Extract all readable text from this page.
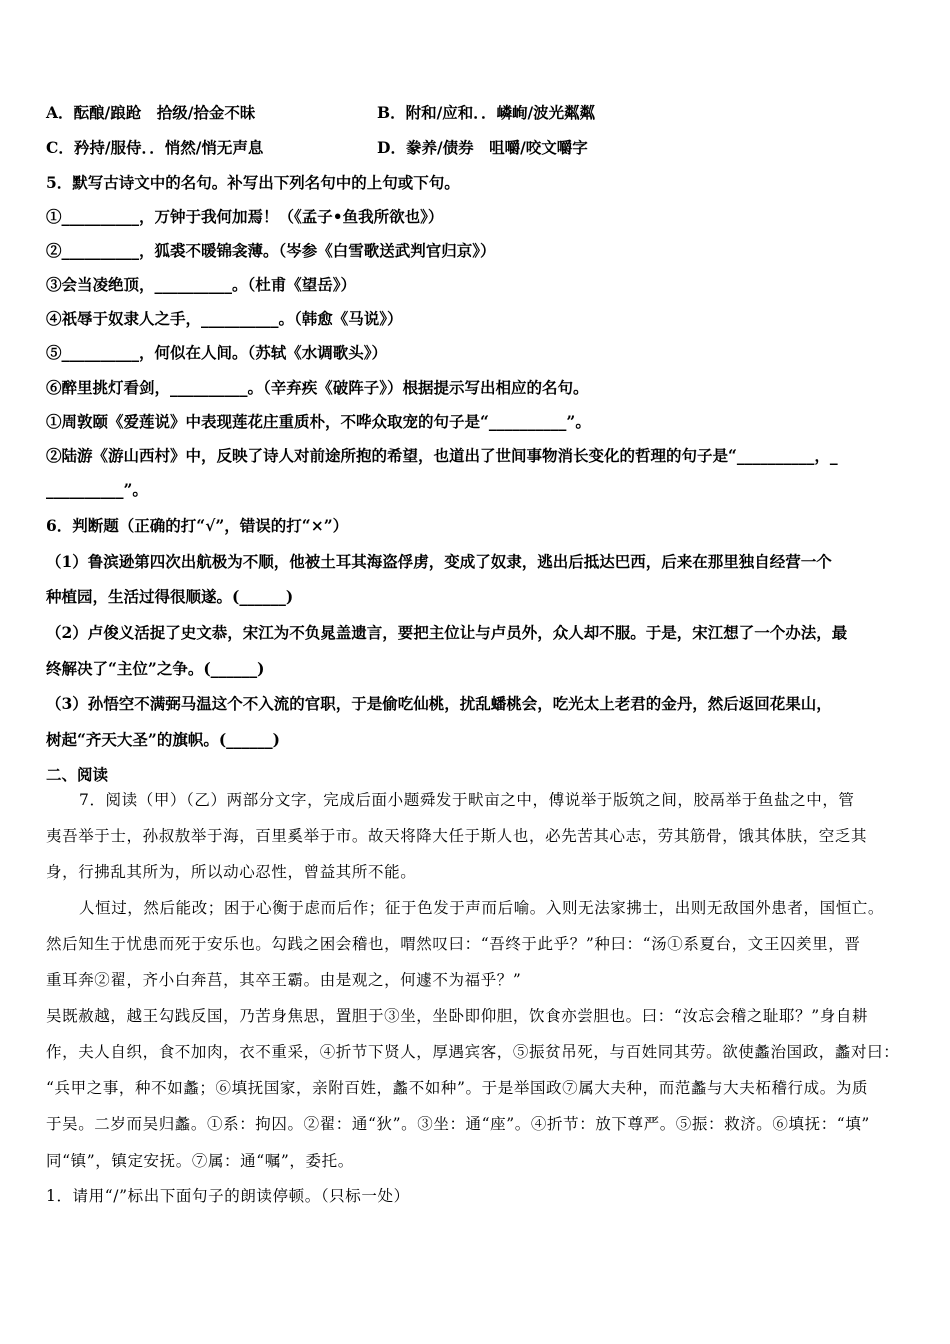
A．酝酿/踉跄　拾级/拾金不昧	B．附和/应和．．嶙峋/波光粼粼
C．矜持/服侍．．悄然/悄无声息	D．豢养/债券　咀嚼/咬文嚼字
5．默写古诗文中的名句。补写出下列名句中的上句或下句。
①__________，万钟于我何加焉！（《孟子•鱼我所欲也》）
②__________，狐裘不暖锦衾薄。（岑参《白雪歌送武判官归京》）
③会当凌绝顶，__________。（杜甫《望岳》）
④祇辱于奴隶人之手，__________。（韩愈《马说》）
⑤__________，何似在人间。（苏轼《水调歌头》）
⑥醉里挑灯看剑，__________。（辛弃疾《破阵子》）根据提示写出相应的名句。
①周敦颐《爱莲说》中表现莲花庄重质朴，不哗众取宠的句子是“__________”。
②陆游《游山西村》中，反映了诗人对前途所抱的希望，也道出了世间事物消长变化的哲理的句子是“__________，_
__________”。
6．判断题（正确的打“√”，错误的打“×”）
（1）鲁滨逊第四次出航极为不顺，他被土耳其海盗俘虏，变成了奴隶，逃出后抵达巴西，后来在那里独自经营一个
种植园，生活过得很顺遂。(______)
（2）卢俊义活捉了史文恭，宋江为不负晁盖遗言，要把主位让与卢员外，众人却不服。于是，宋江想了一个办法，最
终解决了“主位”之争。(______)
（3）孙悟空不满弼马温这个不入流的官职，于是偷吃仙桃，扰乱蟠桃会，吃光太上老君的金丹，然后返回花果山，
树起“齐天大圣”的旗帜。(______)
二、阅读
7．阅读（甲）（乙）两部分文字，完成后面小题舜发于畎亩之中，傅说举于版筑之间，胶鬲举于鱼盐之中，管
夷吾举于士，孙叔敖举于海，百里奚举于市。故天将降大任于斯人也，必先苦其心志，劳其筋骨，饿其体肤，空乏其
身，行拂乱其所为，所以动心忍性，曾益其所不能。
人恒过，然后能改；困于心衡于虑而后作；征于色发于声而后喻。入则无法家拂士，出则无敌国外患者，国恒亡。
然后知生于忧患而死于安乐也。勾践之困会稽也，喟然叹曰：“吾终于此乎？”种曰：“汤①系夏台，文王囚羑里，晋
重耳奔②翟，齐小白奔莒，其卒王霸。由是观之，何遽不为福乎？”
吴既赦越，越王勾践反国，乃苦身焦思，置胆于③坐，坐卧即仰胆，饮食亦尝胆也。曰：“汝忘会稽之耻耶？”身自耕
作，夫人自织，食不加肉，衣不重采，④折节下贤人，厚遇宾客，⑤振贫吊死，与百姓同其劳。欲使蠡治国政，蠡对曰：
“兵甲之事，种不如蠡；⑥填抚国家，亲附百姓，蠡不如种”。于是举国政⑦属大夫种，而范蠡与大夫柘稽行成。为质
于吴。二岁而吴归蠡。①系：拘囚。②翟：通“狄”。③坐：通“座”。④折节：放下尊严。⑤振：救济。⑥填抚：“填”
同“镇”，镇定安抚。⑦属：通“嘱”，委托。
1．请用“/”标出下面句子的朗读停顿。（只标一处）
